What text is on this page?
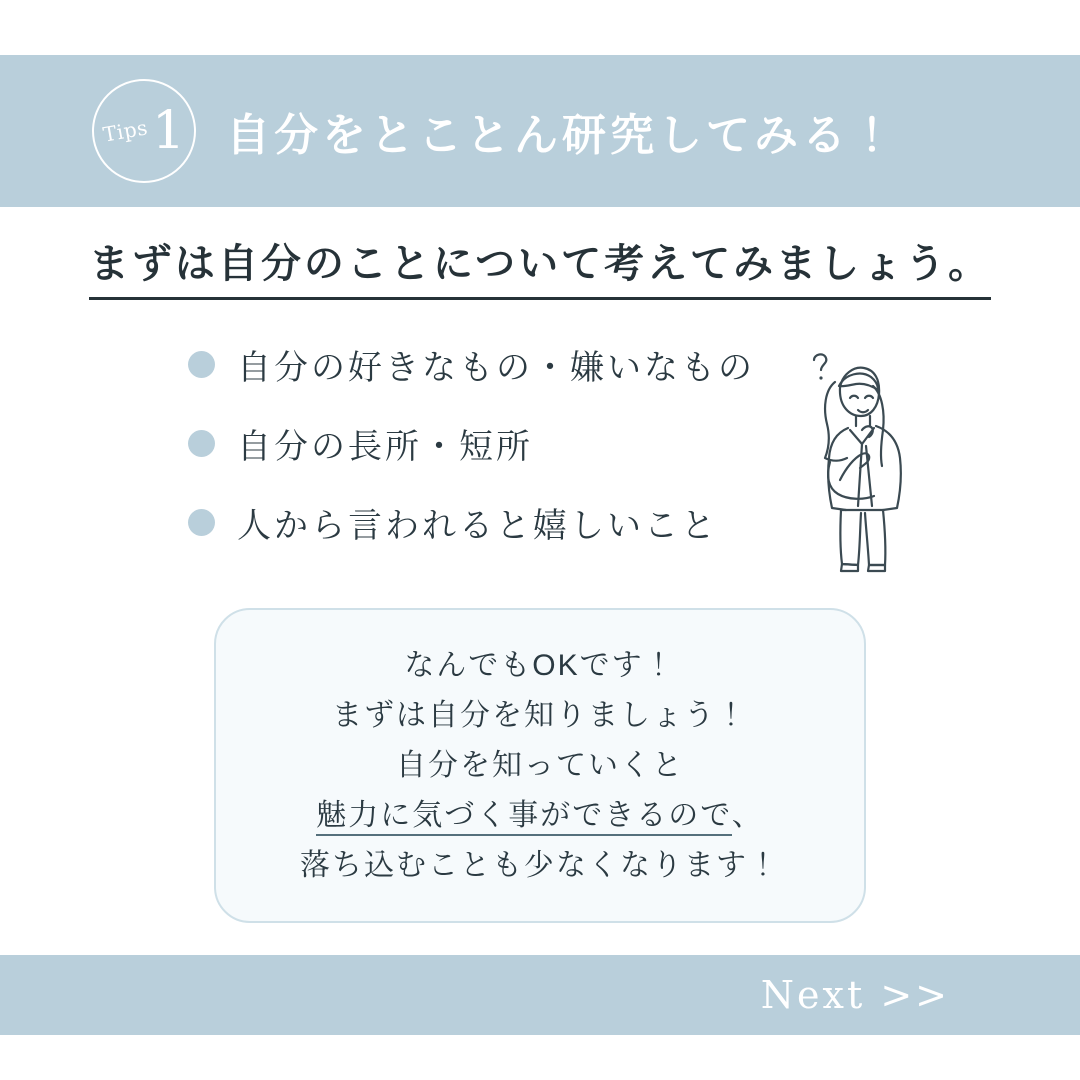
Tips 1 自分をとことん研究してみる！
まずは自分のことについて考えてみましょう。
自分の好きなもの・嫌いなもの
自分の長所・短所
人から言われると嬉しいこと
なんでもOKです！
まずは自分を知りましょう！
自分を知っていくと
魅力に気づく事ができるので、
落ち込むことも少なくなります！
Next >>
